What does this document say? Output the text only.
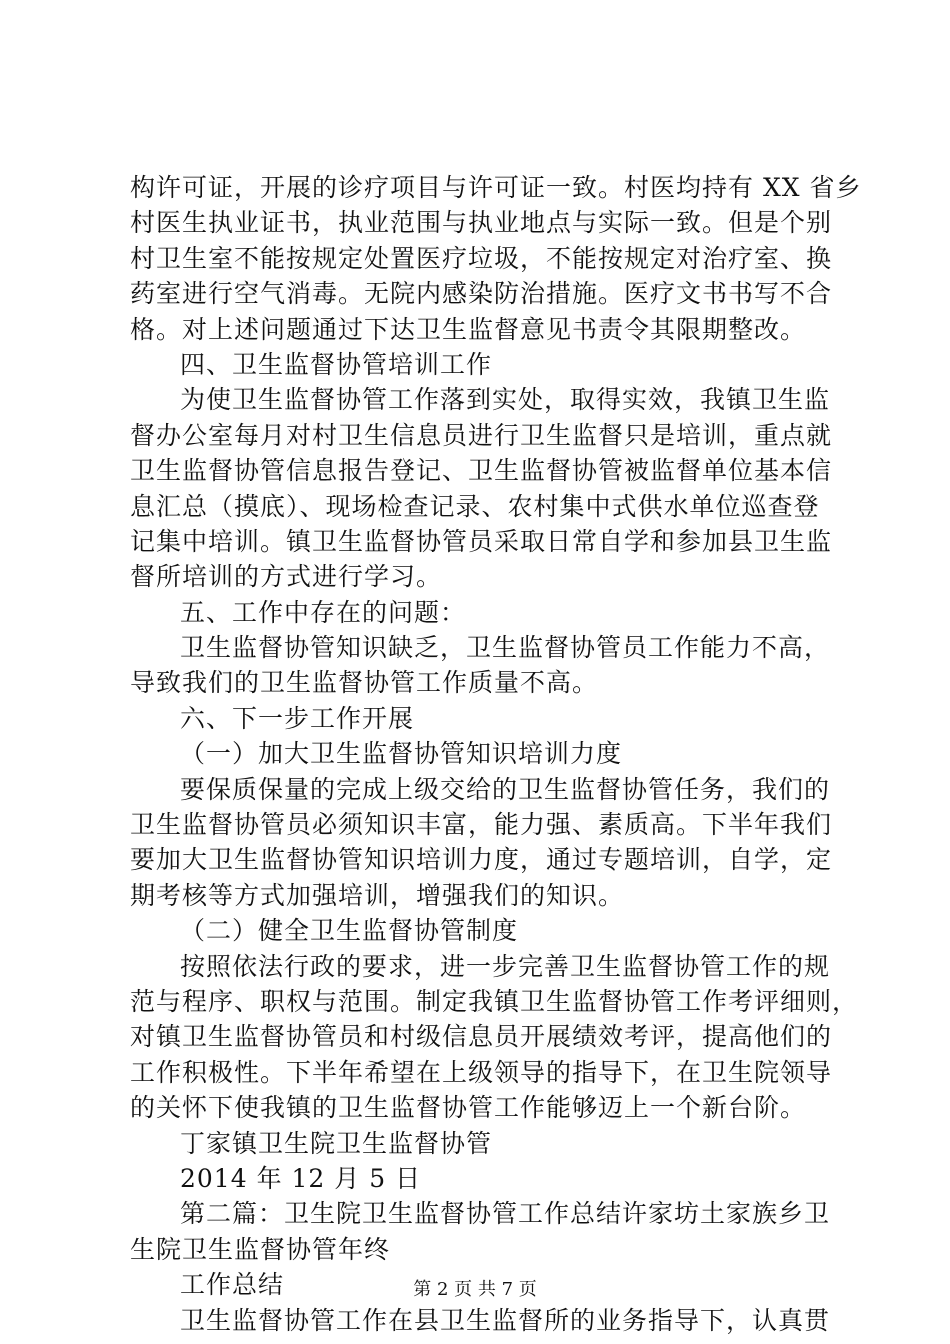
构许可证，开展的诊疗项目与许可证一致。村医均持有 XX 省乡
村医生执业证书，执业范围与执业地点与实际一致。但是个别
村卫生室不能按规定处置医疗垃圾，不能按规定对治疗室、换
药室进行空气消毒。无院内感染防治措施。医疗文书书写不合
格。对上述问题通过下达卫生监督意见书责令其限期整改。
四、卫生监督协管培训工作
为使卫生监督协管工作落到实处，取得实效，我镇卫生监
督办公室每月对村卫生信息员进行卫生监督只是培训，重点就
卫生监督协管信息报告登记、卫生监督协管被监督单位基本信
息汇总（摸底）、现场检查记录、农村集中式供水单位巡查登
记集中培训。镇卫生监督协管员采取日常自学和参加县卫生监
督所培训的方式进行学习。
五、工作中存在的问题：
卫生监督协管知识缺乏，卫生监督协管员工作能力不高，
导致我们的卫生监督协管工作质量不高。
六、下一步工作开展
（一）加大卫生监督协管知识培训力度
要保质保量的完成上级交给的卫生监督协管任务，我们的
卫生监督协管员必须知识丰富，能力强、素质高。下半年我们
要加大卫生监督协管知识培训力度，通过专题培训，自学，定
期考核等方式加强培训，增强我们的知识。
（二）健全卫生监督协管制度
按照依法行政的要求，进一步完善卫生监督协管工作的规
范与程序、职权与范围。制定我镇卫生监督协管工作考评细则，
对镇卫生监督协管员和村级信息员开展绩效考评，提高他们的
工作积极性。下半年希望在上级领导的指导下，在卫生院领导
的关怀下使我镇的卫生监督协管工作能够迈上一个新台阶。
丁家镇卫生院卫生监督协管
2014 年 12 月 5 日
第二篇：卫生院卫生监督协管工作总结许家坊土家族乡卫
生院卫生监督协管年终
工作总结
卫生监督协管工作在县卫生监督所的业务指导下，认真贯
第 2 页 共 7 页
